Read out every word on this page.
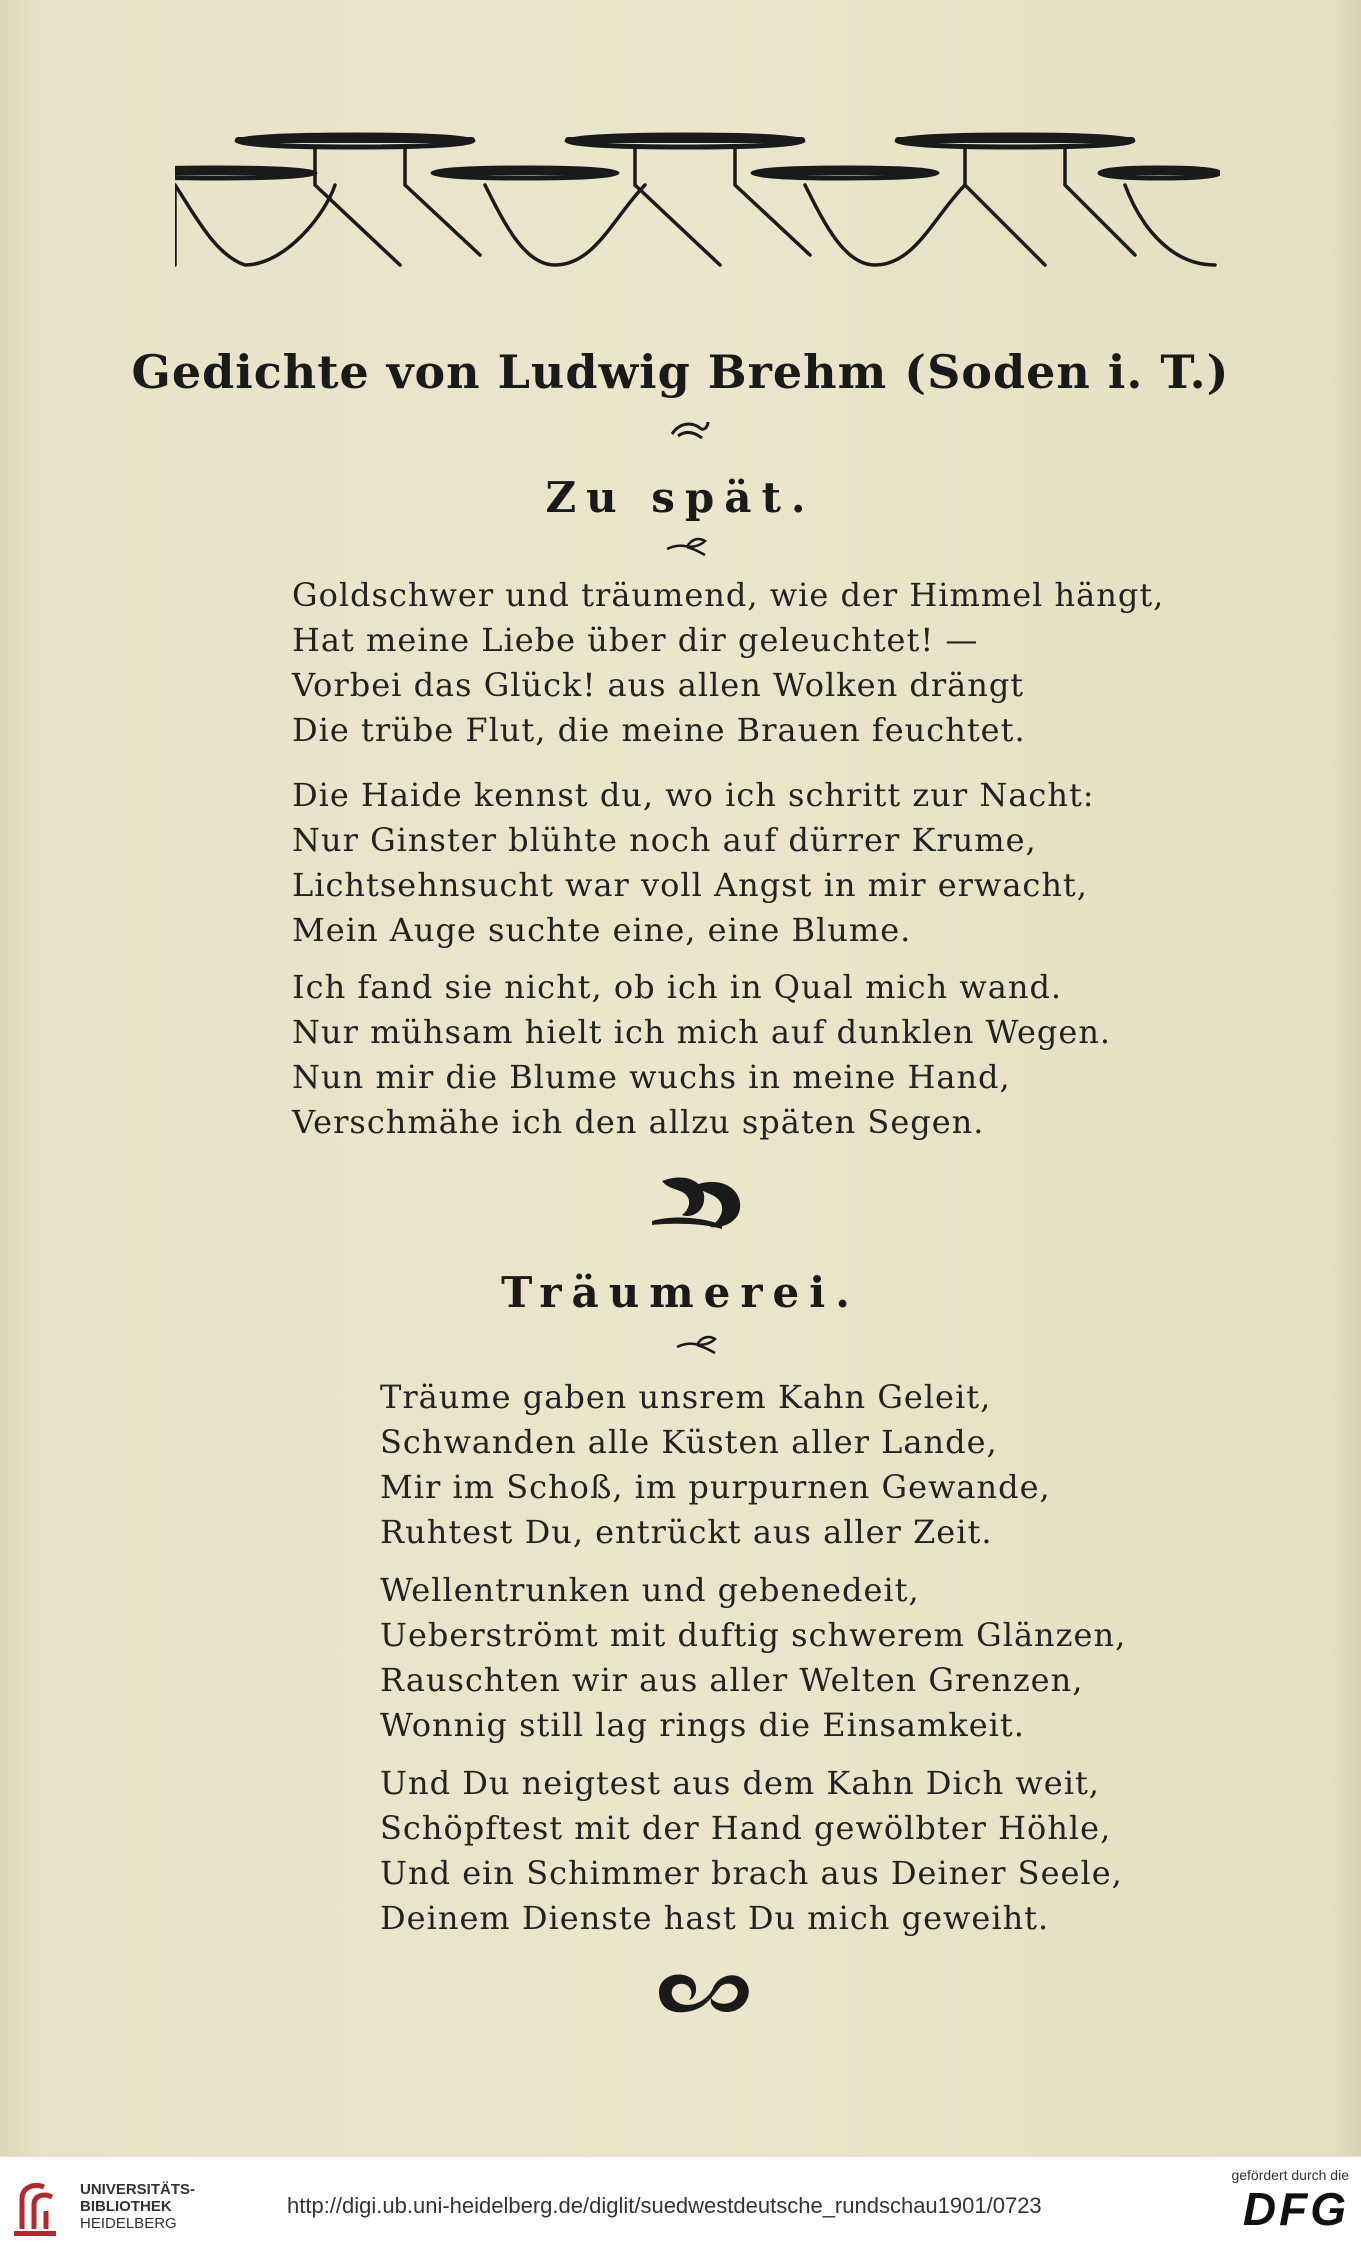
Gedichte von Ludwig Brehm (Soden i. T.)
Zu spät.
Goldschwer und träumend, wie der Himmel hängt,
Hat meine Liebe über dir geleuchtet! —
Vorbei das Glück! aus allen Wolken drängt
Die trübe Flut, die meine Brauen feuchtet.
Die Haide kennst du, wo ich schritt zur Nacht:
Nur Ginster blühte noch auf dürrer Krume,
Lichtsehnsucht war voll Angst in mir erwacht,
Mein Auge suchte eine, eine Blume.
Ich fand sie nicht, ob ich in Qual mich wand.
Nur mühsam hielt ich mich auf dunklen Wegen.
Nun mir die Blume wuchs in meine Hand,
Verschmähe ich den allzu späten Segen.
Träumerei.
Träume gaben unsrem Kahn Geleit,
Schwanden alle Küsten aller Lande,
Mir im Schoß, im purpurnen Gewande,
Ruhtest Du, entrückt aus aller Zeit.
Wellentrunken und gebenedeit,
Ueberströmt mit duftig schwerem Glänzen,
Rauschten wir aus aller Welten Grenzen,
Wonnig still lag rings die Einsamkeit.
Und Du neigtest aus dem Kahn Dich weit,
Schöpftest mit der Hand gewölbter Höhle,
Und ein Schimmer brach aus Deiner Seele,
Deinem Dienste hast Du mich geweiht.
UNIVERSITÄTS-
BIBLIOTHEK
HEIDELBERG
http://digi.ub.uni-heidelberg.de/diglit/suedwestdeutsche_rundschau1901/0723
gefördert durch die
DFG
